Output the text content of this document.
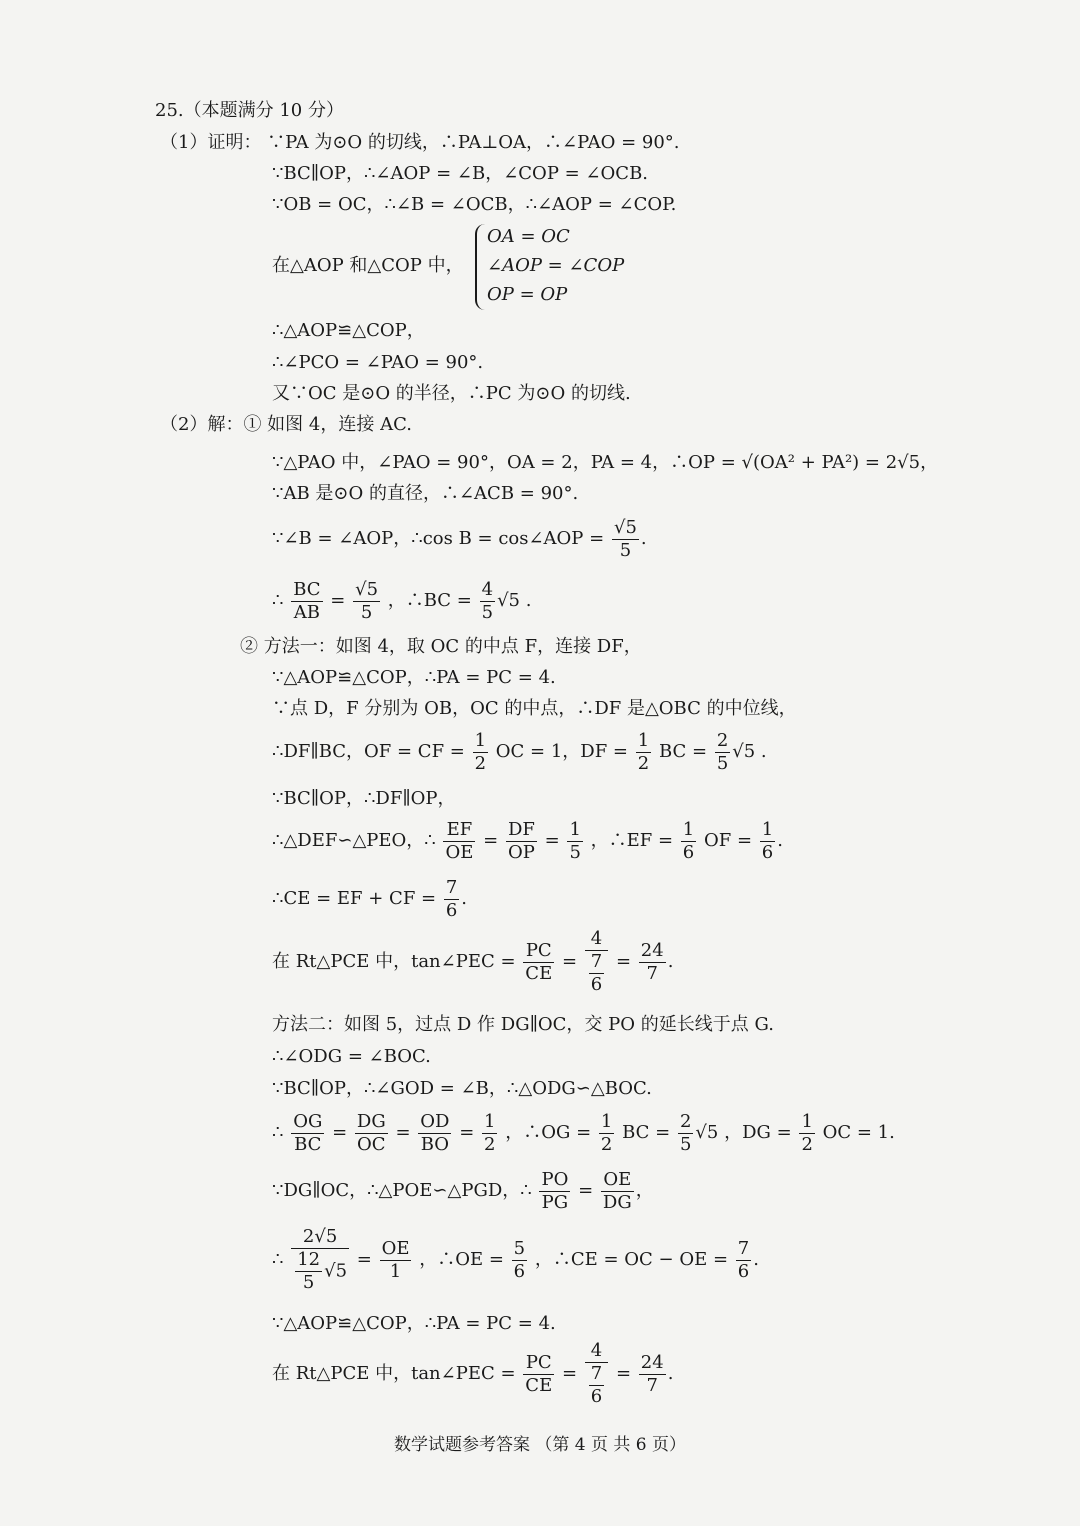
25.（本题满分 10 分）
（1）证明： ∵PA 为⊙O 的切线，∴PA⊥OA，∴∠PAO = 90°.
∵BC∥OP，∴∠AOP = ∠B，∠COP = ∠OCB.
∵OB = OC，∴∠B = ∠OCB，∴∠AOP = ∠COP.
在△AOP 和△COP 中，
OA = OC
∠AOP = ∠COP
OP = OP
∴△AOP≌△COP，
∴∠PCO = ∠PAO = 90°.
又∵OC 是⊙O 的半径，∴PC 为⊙O 的切线.
（2）解：① 如图 4，连接 AC.
∵△PAO 中，∠PAO = 90°，OA = 2，PA = 4，∴OP = √(OA² + PA²) = 2√5，
∵AB 是⊙O 的直径，∴∠ACB = 90°.
∵∠B = ∠AOP，∴cos B = cos∠AOP = $\frac{√5}{5}$ .
∴ $\frac{BC}{AB} = \frac{√5}{5}$ ，∴BC = $\frac{4}{5} √5$ .
② 方法一：如图 4，取 OC 的中点 F，连接 DF，
∵△AOP≌△COP，∴PA = PC = 4.
∵点 D，F 分别为 OB，OC 的中点，∴DF 是△OBC 的中位线，
∴DF∥BC，OF = CF = $\frac{1}{2}$ OC = 1，DF = $\frac{1}{2}$ BC = $\frac{2}{5} √5$ .
∵BC∥OP，∴DF∥OP，
∴△DEF∽△PEO，∴ $\frac{EF}{OE} = \frac{DF}{OP} = \frac{1}{5}$ ，∴EF = $\frac{1}{6}$ OF = $\frac{1}{6}$ .
∴CE = EF + CF = $\frac{7}{6}$ .
在 Rt△PCE 中，tan∠PEC = $\frac{PC}{CE} = \frac{4}{\frac{7}{6}} = \frac{24}{7}$ .
方法二：如图 5，过点 D 作 DG∥OC，交 PO 的延长线于点 G.
∴∠ODG = ∠BOC.
∵BC∥OP，∴∠GOD = ∠B，∴△ODG∽△BOC.
∴ $\frac{OG}{BC} = \frac{DG}{OC} = \frac{OD}{BO} = \frac{1}{2}$ ，∴OG = $\frac{1}{2}$ BC = $\frac{2}{5} √5$ ，DG = $\frac{1}{2}$ OC = 1.
∵DG∥OC，∴△POE∽△PGD，∴ $\frac{PO}{PG} = \frac{OE}{DG}$ ，
∴ $\frac{2√5}{\frac{12}{5} √5} = \frac{OE}{1}$ ，∴OE = $\frac{5}{6}$ ，∴CE = OC − OE = $\frac{7}{6}$ .
∵△AOP≌△COP，∴PA = PC = 4.
在 Rt△PCE 中，tan∠PEC = $\frac{PC}{CE} = \frac{4}{\frac{7}{6}} = \frac{24}{7}$ .
数学试题参考答案 （第 4 页 共 6 页）
